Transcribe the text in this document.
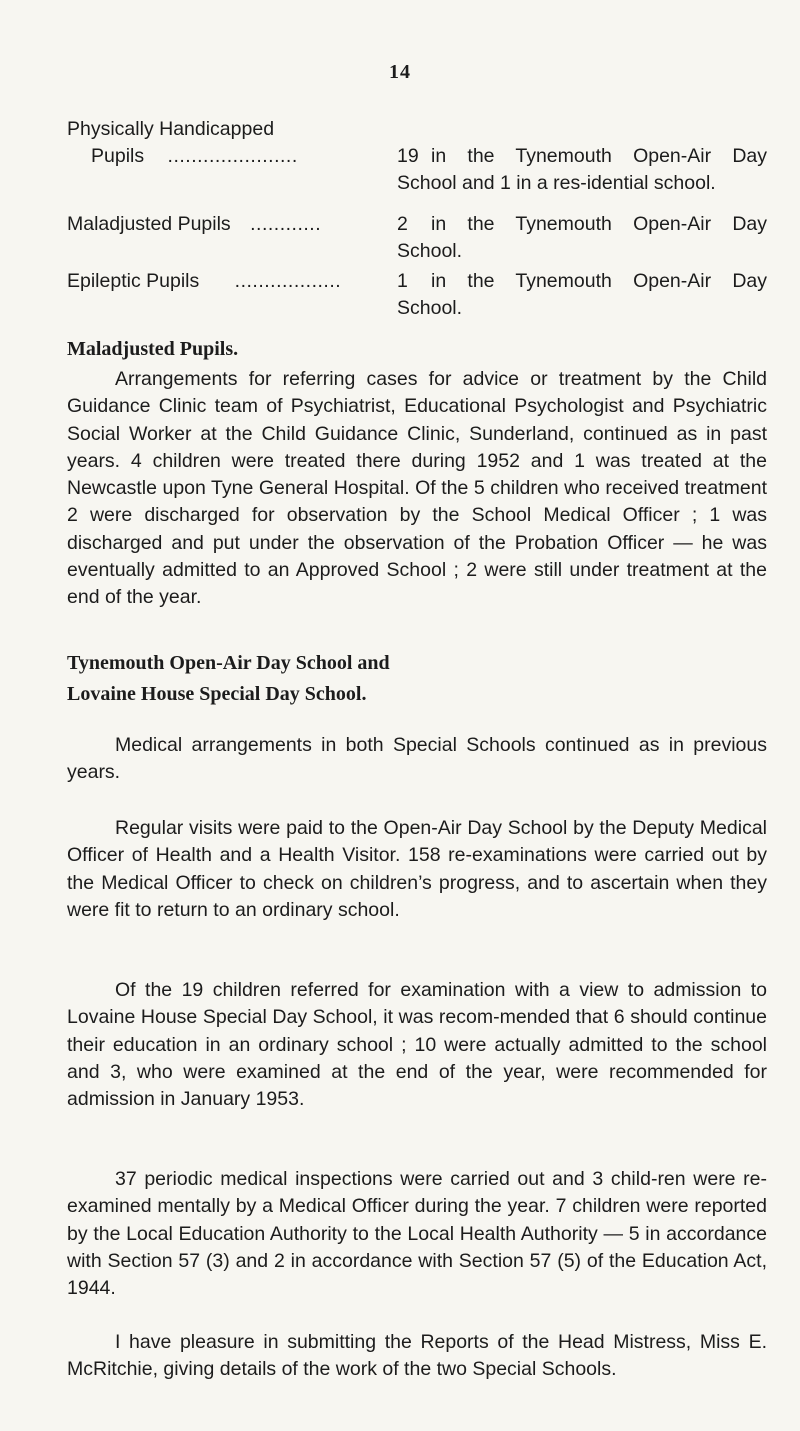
14
Physically Handicapped
Pupils ......................	19 in the Tynemouth Open-Air Day School and 1 in a res-idential school.
Maladjusted Pupils ............	2 in the Tynemouth Open-Air Day School.
Epileptic Pupils ..................	1 in the Tynemouth Open-Air Day School.
Maladjusted Pupils.

Arrangements for referring cases for advice or treatment by the Child Guidance Clinic team of Psychiatrist, Educational Psychologist and Psychiatric Social Worker at the Child Guidance Clinic, Sunderland, continued as in past years. 4 children were treated there during 1952 and 1 was treated at the Newcastle upon Tyne General Hospital. Of the 5 children who received treatment 2 were discharged for observation by the School Medical Officer ; 1 was discharged and put under the observation of the Probation Officer — he was eventually admitted to an Approved School ; 2 were still under treatment at the end of the year.

Tynemouth Open-Air Day School and
Lovaine House Special Day School.

Medical arrangements in both Special Schools continued as in previous years.

Regular visits were paid to the Open-Air Day School by the Deputy Medical Officer of Health and a Health Visitor. 158 re-examinations were carried out by the Medical Officer to check on children’s progress, and to ascertain when they were fit to return to an ordinary school.

Of the 19 children referred for examination with a view to admission to Lovaine House Special Day School, it was recom-mended that 6 should continue their education in an ordinary school ; 10 were actually admitted to the school and 3, who were examined at the end of the year, were recommended for admission in January 1953.

37 periodic medical inspections were carried out and 3 child-ren were re-examined mentally by a Medical Officer during the year. 7 children were reported by the Local Education Authority to the Local Health Authority — 5 in accordance with Section 57 (3) and 2 in accordance with Section 57 (5) of the Education Act, 1944.

I have pleasure in submitting the Reports of the Head Mistress, Miss E. McRitchie, giving details of the work of the two Special Schools.
